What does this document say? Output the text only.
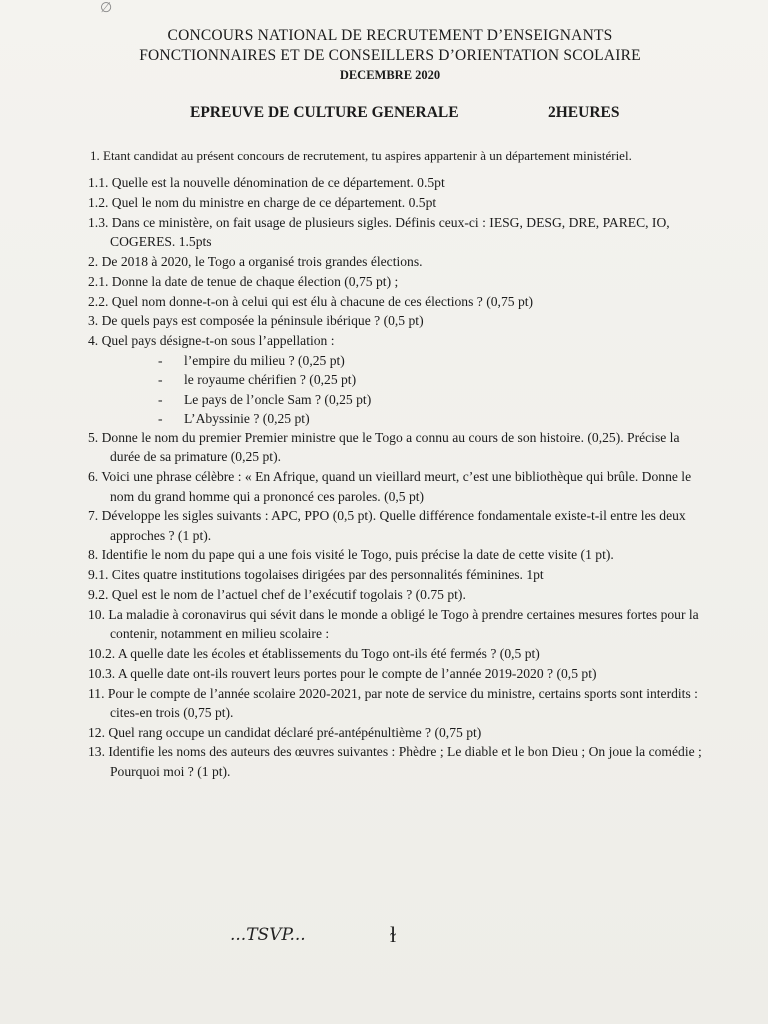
∅
CONCOURS NATIONAL DE RECRUTEMENT D’ENSEIGNANTS
FONCTIONNAIRES ET DE CONSEILLERS D’ORIENTATION SCOLAIRE
DECEMBRE 2020
EPREUVE DE CULTURE GENERALE	2HEURES

1. Etant candidat au présent concours de recrutement, tu aspires appartenir à un département ministériel.

1.1. Quelle est la nouvelle dénomination de ce département. 0.5pt

1.2. Quel le nom du ministre en charge de ce département. 0.5pt

1.3. Dans ce ministère, on fait usage de plusieurs sigles. Définis ceux-ci : IESG, DESG, DRE, PAREC, IO, COGERES. 1.5pts

2. De 2018 à 2020, le Togo a organisé trois grandes élections.

2.1. Donne la date de tenue de chaque élection (0,75 pt) ;

2.2. Quel nom donne-t-on à celui qui est élu à chacune de ces élections ? (0,75 pt)

3. De quels pays est composée la péninsule ibérique ? (0,5 pt)

4. Quel pays désigne-t-on sous l’appellation :

- l’empire du milieu ? (0,25 pt)

- le royaume chérifien ? (0,25 pt)

- Le pays de l’oncle Sam ? (0,25 pt)

- L’Abyssinie ? (0,25 pt)

5. Donne le nom du premier Premier ministre que le Togo a connu au cours de son histoire. (0,25). Précise la durée de sa primature (0,25 pt).

6. Voici une phrase célèbre : « En Afrique, quand un vieillard meurt, c’est une bibliothèque qui brûle. Donne le nom du grand homme qui a prononcé ces paroles. (0,5 pt)

7. Développe les sigles suivants : APC, PPO (0,5 pt). Quelle différence fondamentale existe-t-il entre les deux approches ? (1 pt).

8. Identifie le nom du pape qui a une fois visité le Togo, puis précise la date de cette visite (1 pt).

9.1. Cites quatre institutions togolaises dirigées par des personnalités féminines. 1pt

9.2. Quel est le nom de l’actuel chef de l’exécutif togolais ? (0.75 pt).

10. La maladie à coronavirus qui sévit dans le monde a obligé le Togo à prendre certaines mesures fortes pour la contenir, notamment en milieu scolaire :

10.2. A quelle date les écoles et établissements du Togo ont-ils été fermés ? (0,5 pt)

10.3. A quelle date ont-ils rouvert leurs portes pour le compte de l’année 2019-2020 ? (0,5 pt)

11. Pour le compte de l’année scolaire 2020-2021, par note de service du ministre, certains sports sont interdits : cites-en trois (0,75 pt).

12. Quel rang occupe un candidat déclaré pré-antépénultième ? (0,75 pt)

13. Identifie les noms des auteurs des œuvres suivantes : Phèdre ; Le diable et le bon Dieu ; On joue la comédie ; Pourquoi moi ? (1 pt).

...TSVP...	ɫ
